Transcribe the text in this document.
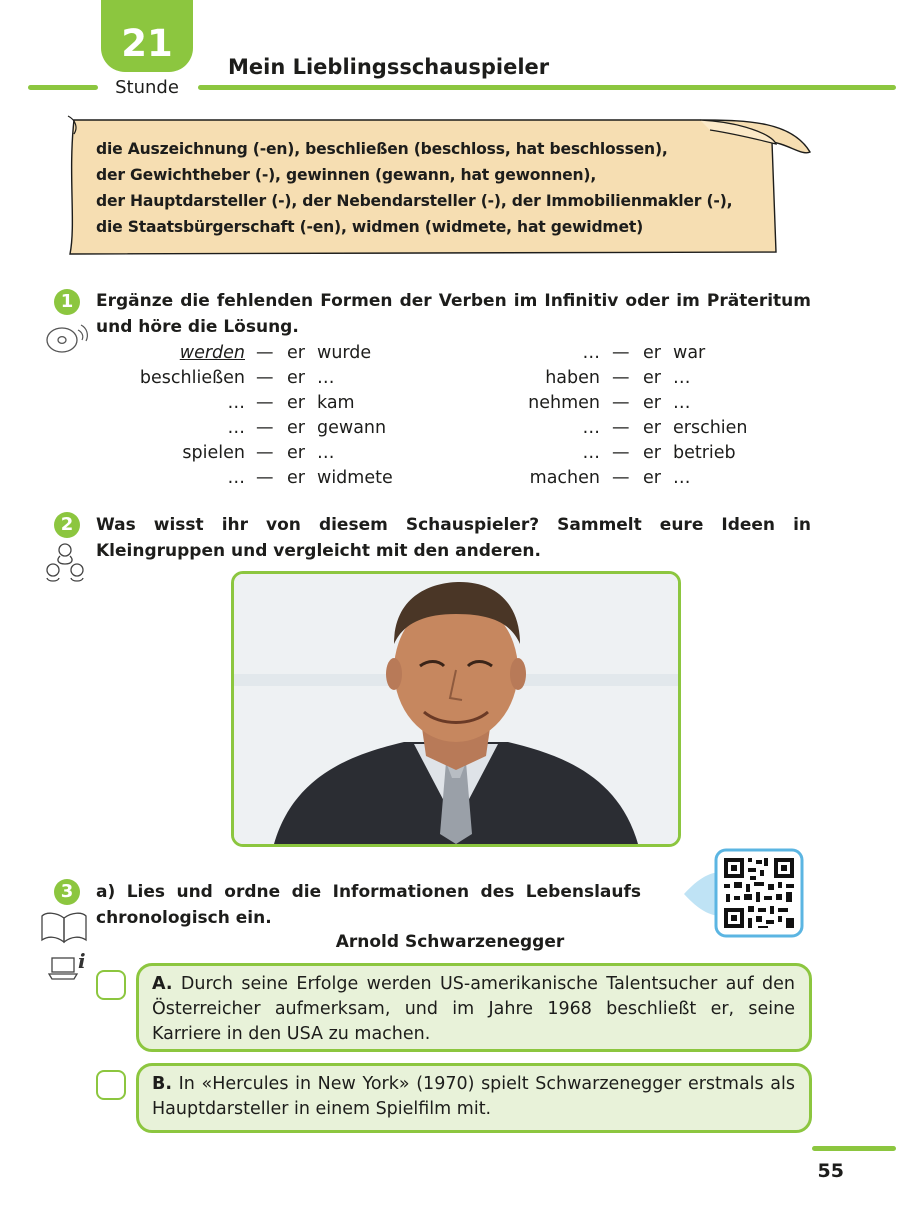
21
Stunde
Mein Lieblingsschauspieler
die Auszeichnung (-en), beschließen (beschloss, hat beschlossen),
der Gewichtheber (-), gewinnen (gewann, hat gewonnen),
der Hauptdarsteller (-), der Nebendarsteller (-), der Immobilienmakler (-),
die Staatsbürgerschaft (-en), widmen (widmete, hat gewidmet)
1	Ergänze die fehlenden Formen der Verben im Infinitiv oder im Präteritum und höre die Lösung.
werden — er wurde
beschließen — er …
… — er kam
… — er gewann
spielen — er …
… — er widmete
… — er war
haben — er …
nehmen — er …
… — er erschien
… — er betrieb
machen — er …
2	Was wisst ihr von diesem Schauspieler? Sammelt eure Ideen in Kleingruppen und vergleicht mit den anderen.
3
i
a) Lies und ordne die Informationen des Lebenslaufs chronologisch ein.
Arnold Schwarzenegger
A. Durch seine Erfolge werden US-amerikanische Talentsucher auf den Österreicher aufmerksam, und im Jahre 1968 beschließt er, seine Karriere in den USA zu machen.
B. In «Hercules in New York» (1970) spielt Schwarzenegger erstmals als Hauptdarsteller in einem Spielfilm mit.
55
